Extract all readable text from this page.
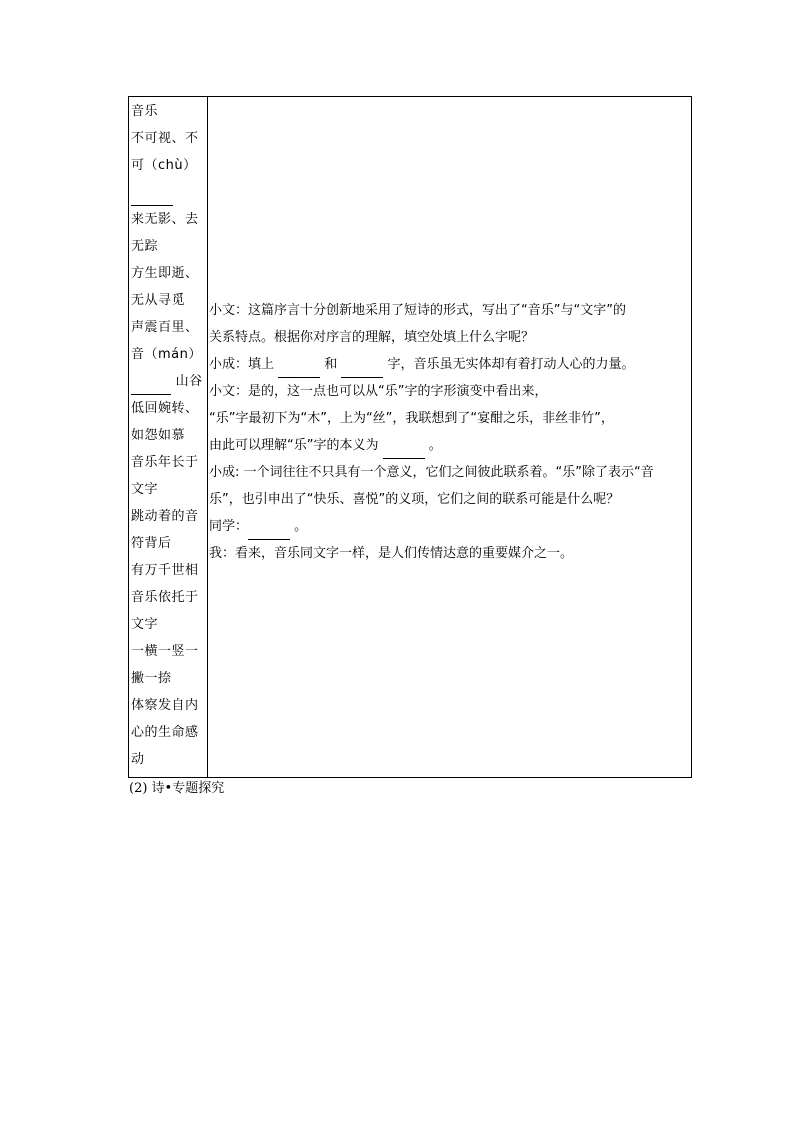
音乐
不可视、不
可（chù）
来无影、去
无踪
方生即逝、
无从寻觅
声震百里、
音（mán）
山谷
低回婉转、
如怨如慕
音乐年长于
文字
跳动着的音
符背后
有万千世相
音乐依托于
文字
一横一竖一
撇一捺
体察发自内
心的生命感
动
小文：这篇序言十分创新地采用了短诗的形式，写出了“音乐”与“文字”的
关系特点。根据你对序言的理解，填空处填上什么字呢？
小成：填上	和	字，音乐虽无实体却有着打动人心的力量。
小文：是的，这一点也可以从“乐”字的字形演变中看出来，
“乐”字最初下为“木”，上为“丝”，我联想到了“宴酣之乐，非丝非竹”，
由此可以理解“乐”字的本义为	。
小成: 一个词往往不只具有一个意义，它们之间彼此联系着。“乐”除了表示“音
乐”，也引申出了“快乐、喜悦”的义项，它们之间的联系可能是什么呢？
同学：	。
我：看来，音乐同文字一样，是人们传情达意的重要媒介之一。
(2) 诗•专题探究
